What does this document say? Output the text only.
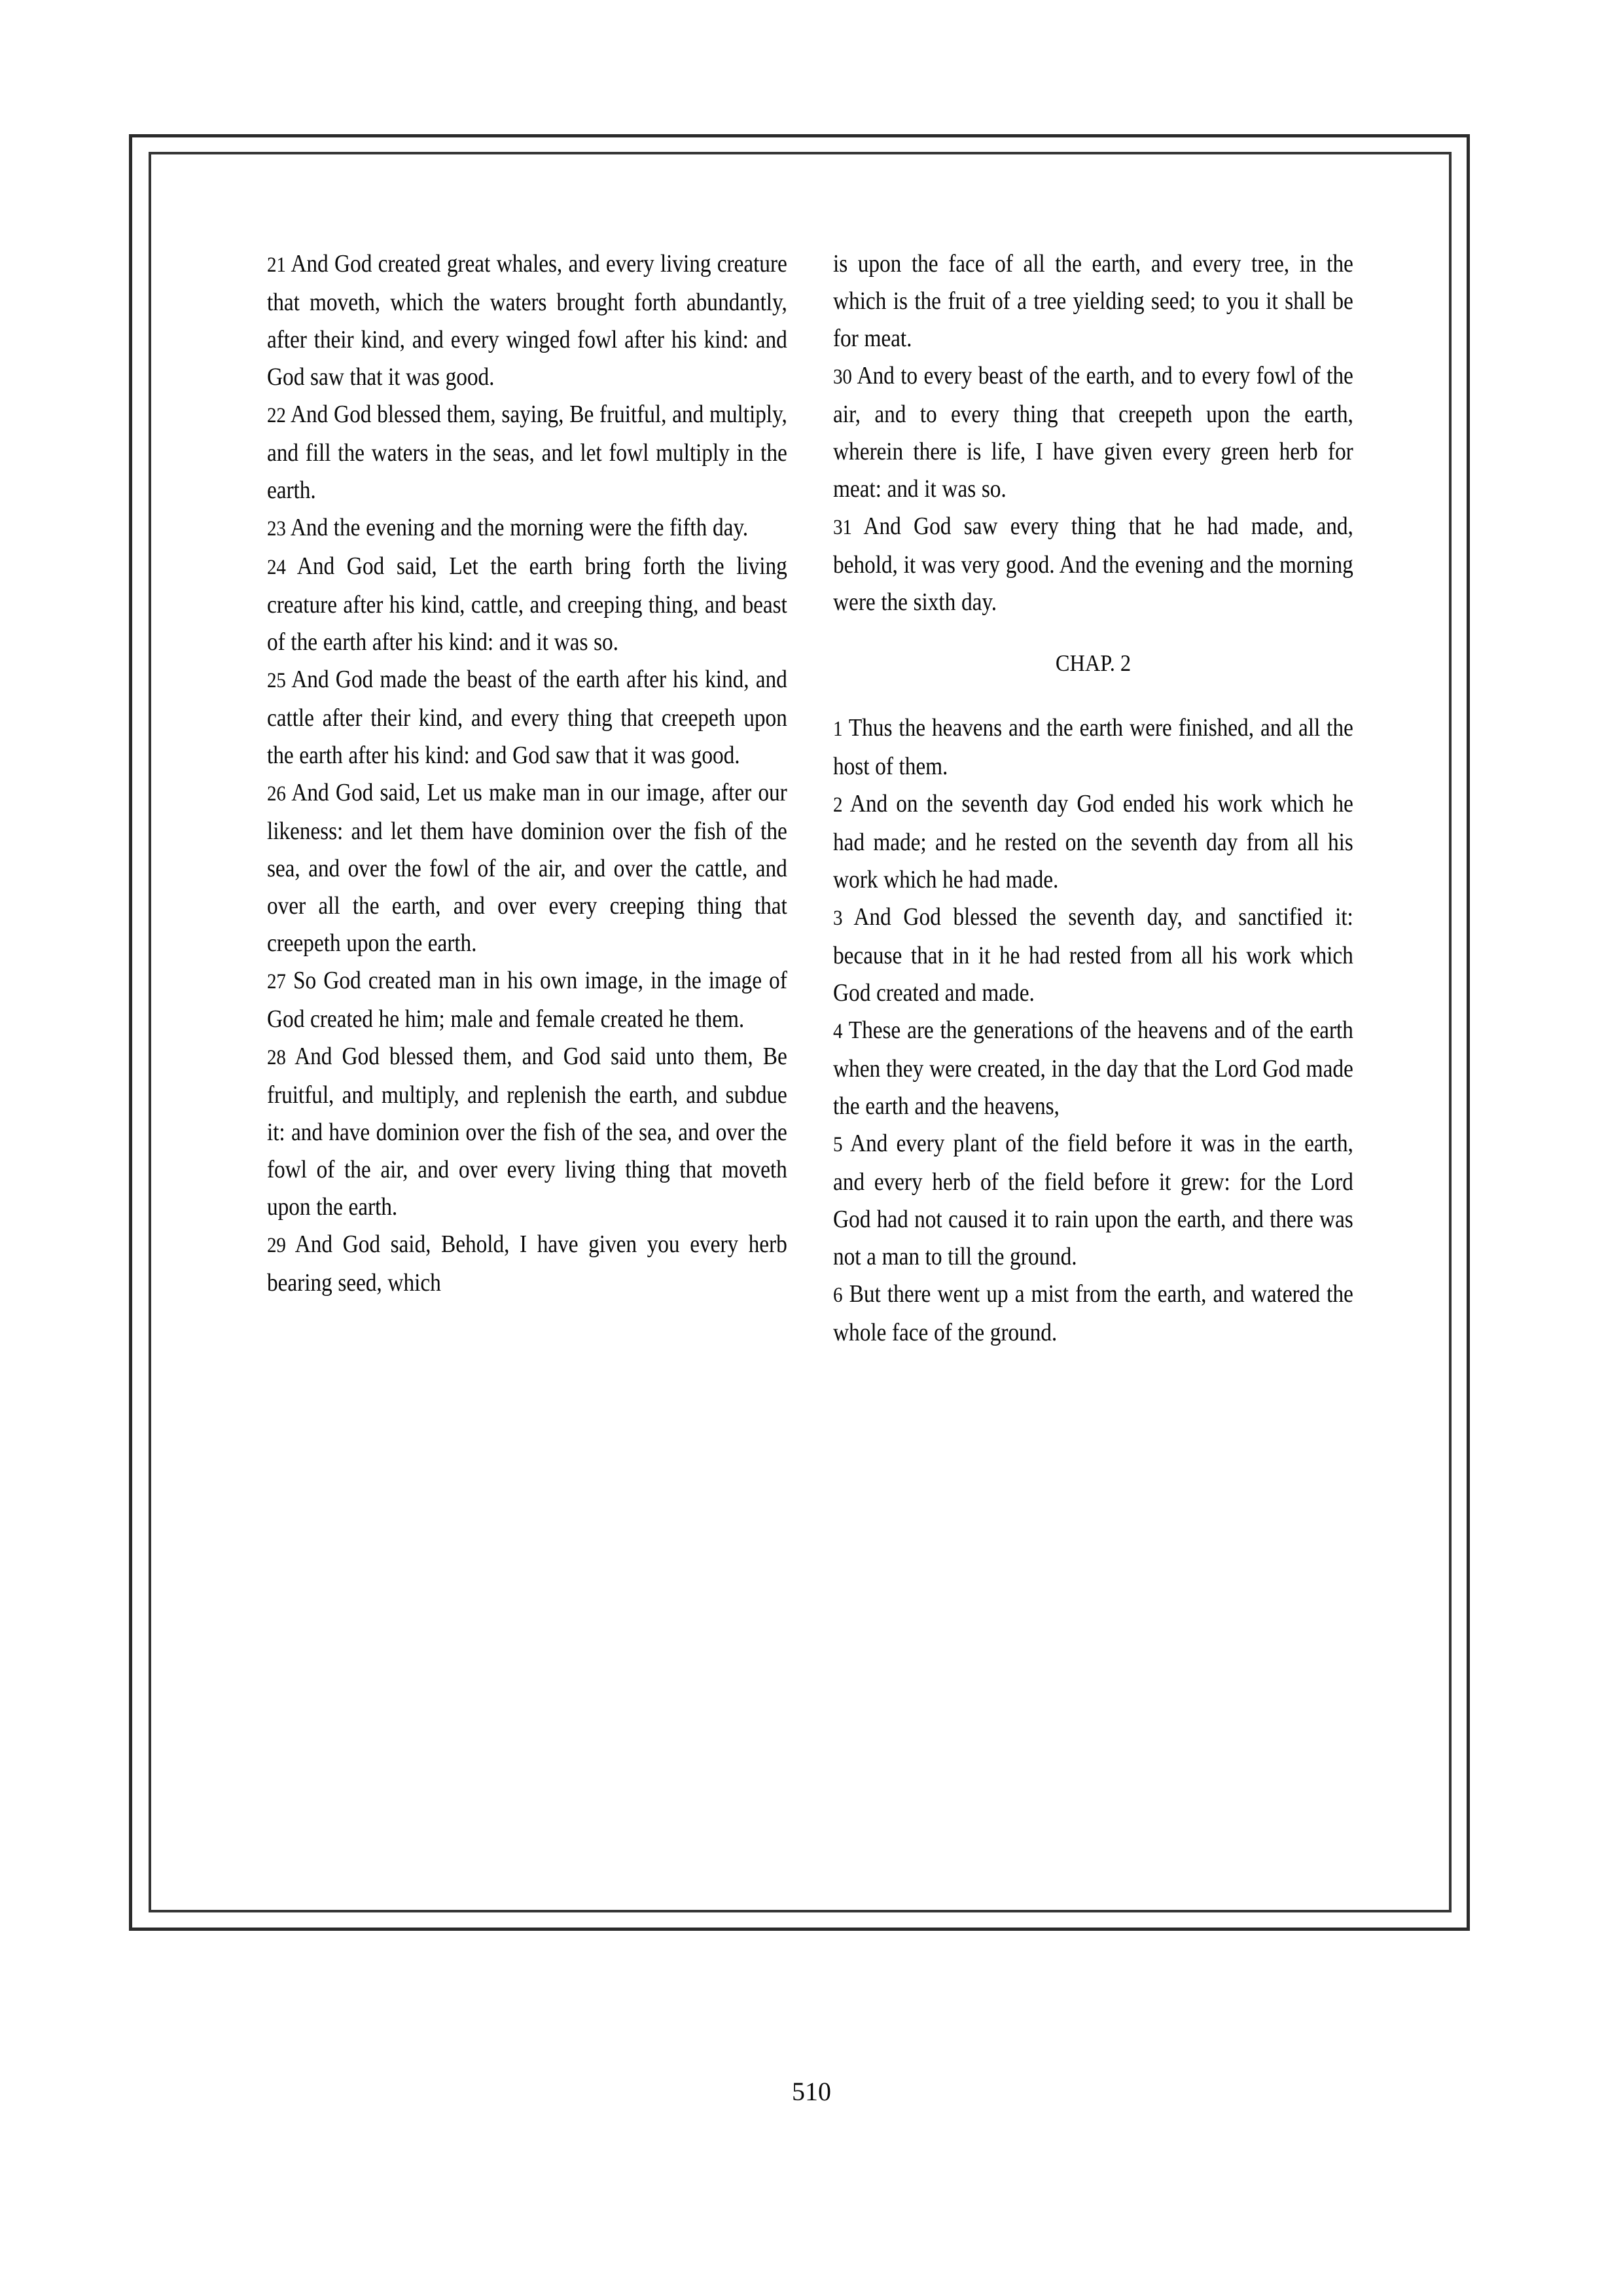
21 And God created great whales, and every living creature that moveth, which the waters brought forth abundantly, after their kind, and every winged fowl after his kind: and God saw that it was good.

22 And God blessed them, saying, Be fruitful, and multiply, and fill the waters in the seas, and let fowl multiply in the earth.

23 And the evening and the morning were the fifth day.

24 And God said, Let the earth bring forth the living creature after his kind, cattle, and creeping thing, and beast of the earth after his kind: and it was so.

25 And God made the beast of the earth after his kind, and cattle after their kind, and every thing that creepeth upon the earth after his kind: and God saw that it was good.

26 And God said, Let us make man in our image, after our likeness: and let them have dominion over the fish of the sea, and over the fowl of the air, and over the cattle, and over all the earth, and over every creeping thing that creepeth upon the earth.

27 So God created man in his own image, in the image of God created he him; male and female created he them.

28 And God blessed them, and God said unto them, Be fruitful, and multiply, and replenish the earth, and subdue it: and have dominion over the fish of the sea, and over the fowl of the air, and over every living thing that moveth upon the earth.

29 And God said, Behold, I have given you every herb bearing seed, which

is upon the face of all the earth, and every tree, in the which is the fruit of a tree yielding seed; to you it shall be for meat.

30 And to every beast of the earth, and to every fowl of the air, and to every thing that creepeth upon the earth, wherein there is life, I have given every green herb for meat: and it was so.

31 And God saw every thing that he had made, and, behold, it was very good. And the evening and the morning were the sixth day.

CHAP. 2

1 Thus the heavens and the earth were finished, and all the host of them.

2 And on the seventh day God ended his work which he had made; and he rested on the seventh day from all his work which he had made.

3 And God blessed the seventh day, and sanctified it: because that in it he had rested from all his work which God created and made.

4 These are the generations of the heavens and of the earth when they were created, in the day that the Lord God made the earth and the heavens,

5 And every plant of the field before it was in the earth, and every herb of the field before it grew: for the Lord God had not caused it to rain upon the earth, and there was not a man to till the ground.

6 But there went up a mist from the earth, and watered the whole face of the ground.

510
